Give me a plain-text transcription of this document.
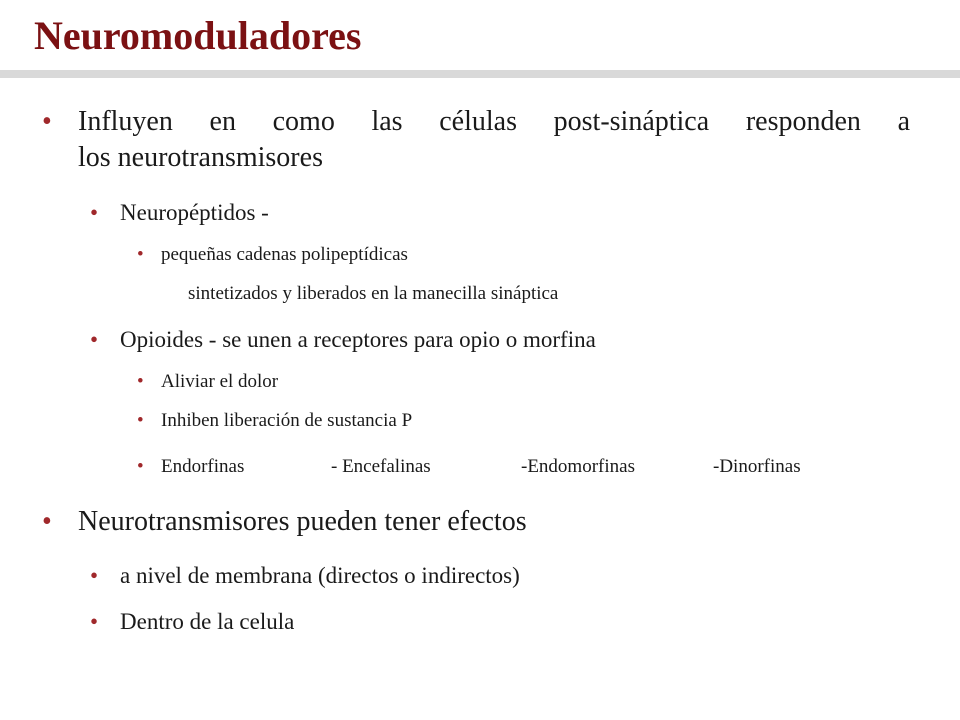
Neuromoduladores
• Influyen en como las células post-sináptica responden a
los neurotransmisores
• Neuropéptidos -
• pequeñas cadenas polipeptídicas
sintetizados y liberados en la manecilla sináptica
• Opioides - se unen a receptores para opio o morfina
• Aliviar el dolor
• Inhiben liberación de sustancia P
• Endorfinas	- Encefalinas	-Endomorfinas	-Dinorfinas
• Neurotransmisores pueden tener efectos
• a nivel de membrana (directos o indirectos)
• Dentro de la celula
